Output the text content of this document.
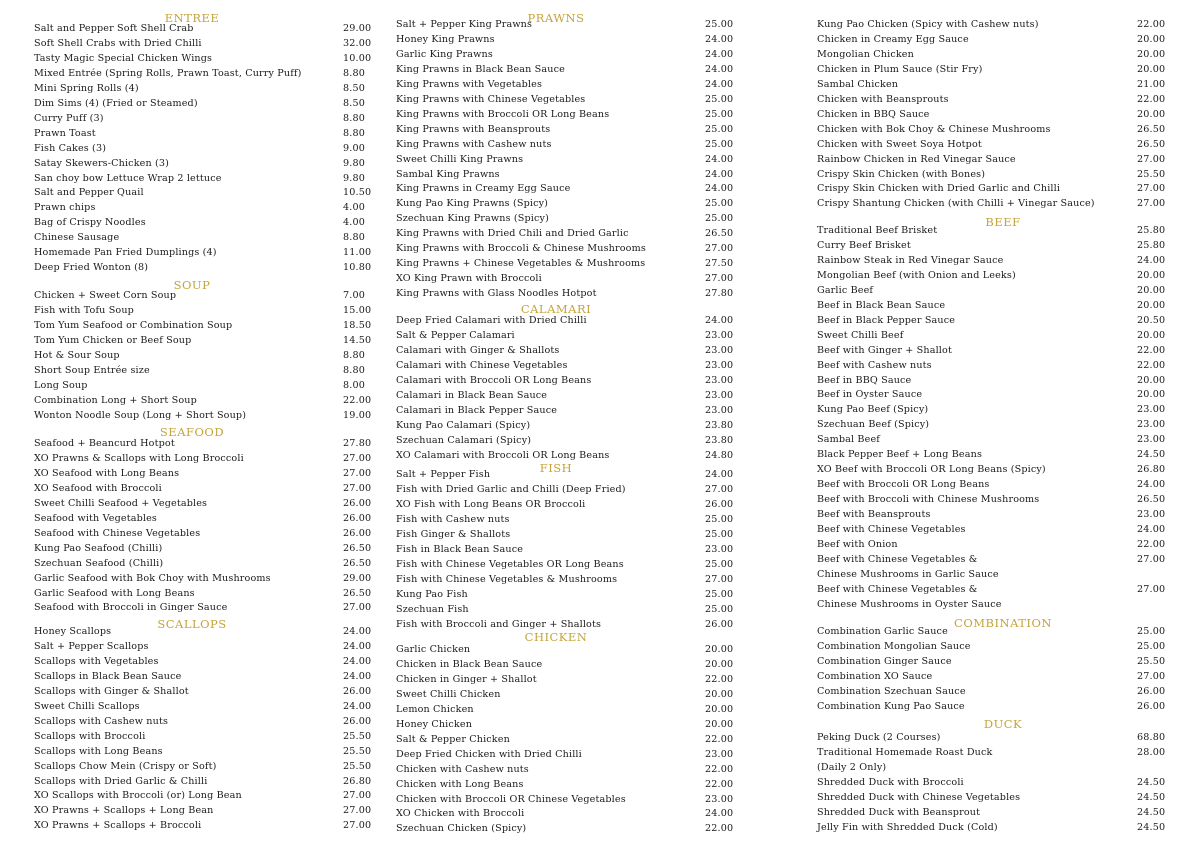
ENTREE
Salt and Pepper Soft Shell Crab	29.00
Soft Shell Crabs with Dried Chilli	32.00
Tasty Magic Special Chicken Wings	10.00
Mixed Entrée (Spring Rolls, Prawn Toast, Curry Puff)	8.80
Mini Spring Rolls (4)	8.50
Dim Sims (4) (Fried or Steamed)	8.50
Curry Puff (3)	8.80
Prawn Toast	8.80
Fish Cakes (3)	9.00
Satay Skewers-Chicken (3)	9.80
San choy bow Lettuce Wrap 2 lettuce	9.80
Salt and Pepper Quail	10.50
Prawn chips	4.00
Bag of Crispy Noodles	4.00
Chinese Sausage	8.80
Homemade Pan Fried Dumplings (4)	11.00
Deep Fried Wonton (8)	10.80
SOUP
Chicken + Sweet Corn Soup	7.00
Fish with Tofu Soup	15.00
Tom Yum Seafood or Combination Soup	18.50
Tom Yum Chicken or Beef Soup	14.50
Hot & Sour Soup	8.80
Short Soup Entrée size	8.80
Long Soup	8.00
Combination Long + Short Soup	22.00
Wonton Noodle Soup (Long + Short Soup)	19.00
SEAFOOD
Seafood + Beancurd Hotpot	27.80
XO Prawns & Scallops with Long Broccoli	27.00
XO Seafood with Long Beans	27.00
XO Seafood with Broccoli	27.00
Sweet Chilli Seafood + Vegetables	26.00
Seafood with Vegetables	26.00
Seafood with Chinese Vegetables	26.00
Kung Pao Seafood (Chilli)	26.50
Szechuan Seafood (Chilli)	26.50
Garlic Seafood with Bok Choy with Mushrooms	29.00
Garlic Seafood with Long Beans	26.50
Seafood with Broccoli in Ginger Sauce	27.00
SCALLOPS
Honey Scallops	24.00
Salt + Pepper Scallops	24.00
Scallops with Vegetables	24.00
Scallops in Black Bean Sauce	24.00
Scallops with Ginger & Shallot	26.00
Sweet Chilli Scallops	24.00
Scallops with Cashew nuts	26.00
Scallops with Broccoli	25.50
Scallops with Long Beans	25.50
Scallops Chow Mein (Crispy or Soft)	25.50
Scallops with Dried Garlic & Chilli	26.80
XO Scallops with Broccoli (or) Long Bean	27.00
XO Prawns + Scallops + Long Bean	27.00
XO Prawns + Scallops + Broccoli	27.00
PRAWNS
Salt + Pepper King Prawns	25.00
Honey King Prawns	24.00
Garlic King Prawns	24.00
King Prawns in Black Bean Sauce	24.00
King Prawns with Vegetables	24.00
King Prawns with Chinese Vegetables	25.00
King Prawns with Broccoli OR Long Beans	25.00
King Prawns with Beansprouts	25.00
King Prawns with Cashew nuts	25.00
Sweet Chilli King Prawns	24.00
Sambal King Prawns	24.00
King Prawns in Creamy Egg Sauce	24.00
Kung Pao King Prawns (Spicy)	25.00
Szechuan King Prawns (Spicy)	25.00
King Prawns with Dried Chili and Dried Garlic	26.50
King Prawns with Broccoli & Chinese Mushrooms	27.00
King Prawns + Chinese Vegetables & Mushrooms	27.50
XO King Prawn with Broccoli	27.00
King Prawns with Glass Noodles Hotpot	27.80
CALAMARI
Deep Fried Calamari with Dried Chilli	24.00
Salt & Pepper Calamari	23.00
Calamari with Ginger & Shallots	23.00
Calamari with Chinese Vegetables	23.00
Calamari with Broccoli OR Long Beans	23.00
Calamari in Black Bean Sauce	23.00
Calamari in Black Pepper Sauce	23.00
Kung Pao Calamari (Spicy)	23.80
Szechuan Calamari (Spicy)	23.80
XO Calamari with Broccoli OR Long Beans	24.80
FISH
Salt + Pepper Fish	24.00
Fish with Dried Garlic and Chilli (Deep Fried)	27.00
XO Fish with Long Beans OR Broccoli	26.00
Fish with Cashew nuts	25.00
Fish Ginger & Shallots	25.00
Fish in Black Bean Sauce	23.00
Fish with Chinese Vegetables OR Long Beans	25.00
Fish with Chinese Vegetables & Mushrooms	27.00
Kung Pao Fish	25.00
Szechuan Fish	25.00
Fish with Broccoli and Ginger + Shallots	26.00
CHICKEN
Garlic Chicken	20.00
Chicken in Black Bean Sauce	20.00
Chicken in Ginger + Shallot	22.00
Sweet Chilli Chicken	20.00
Lemon Chicken	20.00
Honey Chicken	20.00
Salt & Pepper Chicken	22.00
Deep Fried Chicken with Dried Chilli	23.00
Chicken with Cashew nuts	22.00
Chicken with Long Beans	22.00
Chicken with Broccoli OR Chinese Vegetables	23.00
XO Chicken with Broccoli	24.00
Szechuan Chicken (Spicy)	22.00
Kung Pao Chicken (Spicy with Cashew nuts)	22.00
Chicken in Creamy Egg Sauce	20.00
Mongolian Chicken	20.00
Chicken in Plum Sauce (Stir Fry)	20.00
Sambal Chicken	21.00
Chicken with Beansprouts	22.00
Chicken in BBQ Sauce	20.00
Chicken with Bok Choy & Chinese Mushrooms	26.50
Chicken with Sweet Soya Hotpot	26.50
Rainbow Chicken in Red Vinegar Sauce	27.00
Crispy Skin Chicken (with Bones)	25.50
Crispy Skin Chicken with Dried Garlic and Chilli	27.00
Crispy Shantung Chicken (with Chilli + Vinegar Sauce)	27.00
BEEF
Traditional Beef Brisket	25.80
Curry Beef Brisket	25.80
Rainbow Steak in Red Vinegar Sauce	24.00
Mongolian Beef (with Onion and Leeks)	20.00
Garlic Beef	20.00
Beef in Black Bean Sauce	20.00
Beef in Black Pepper Sauce	20.50
Sweet Chilli Beef	20.00
Beef with Ginger + Shallot	22.00
Beef with Cashew nuts	22.00
Beef in BBQ Sauce	20.00
Beef in Oyster Sauce	20.00
Kung Pao Beef (Spicy)	23.00
Szechuan Beef (Spicy)	23.00
Sambal Beef	23.00
Black Pepper Beef + Long Beans	24.50
XO Beef with Broccoli OR Long Beans (Spicy)	26.80
Beef with Broccoli OR Long Beans	24.00
Beef with Broccoli with Chinese Mushrooms	26.50
Beef with Beansprouts	23.00
Beef with Chinese Vegetables	24.00
Beef with Onion	22.00
Beef with Chinese Vegetables &	27.00
Chinese Mushrooms in Garlic Sauce
Beef with Chinese Vegetables &	27.00
Chinese Mushrooms in Oyster Sauce
COMBINATION
Combination Garlic Sauce	25.00
Combination Mongolian Sauce	25.00
Combination Ginger Sauce	25.50
Combination XO Sauce	27.00
Combination Szechuan Sauce	26.00
Combination Kung Pao Sauce	26.00
DUCK
Peking Duck (2 Courses)	68.80
Traditional Homemade Roast Duck	28.00
(Daily 2 Only)
Shredded Duck with Broccoli	24.50
Shredded Duck with Chinese Vegetables	24.50
Shredded Duck with Beansprout	24.50
Jelly Fin with Shredded Duck (Cold)	24.50
